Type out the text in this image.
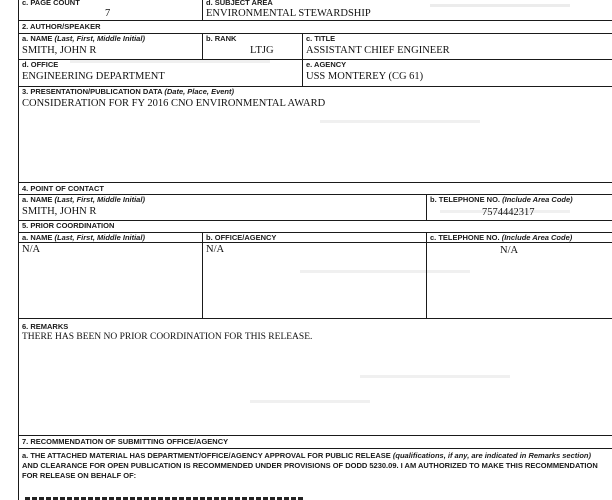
c. PAGE COUNT
7
d. SUBJECT AREA
ENVIRONMENTAL STEWARDSHIP
2. AUTHOR/SPEAKER
a. NAME (Last, First, Middle Initial)
SMITH, JOHN R
b. RANK
LTJG
c. TITLE
ASSISTANT CHIEF ENGINEER
d. OFFICE
ENGINEERING DEPARTMENT
e. AGENCY
USS MONTEREY (CG 61)
3. PRESENTATION/PUBLICATION DATA (Date, Place, Event)
CONSIDERATION FOR FY 2016 CNO ENVIRONMENTAL AWARD
4. POINT OF CONTACT
a. NAME (Last, First, Middle Initial)
SMITH, JOHN R
b. TELEPHONE NO. (Include Area Code)
7574442317
5. PRIOR COORDINATION
a. NAME (Last, First, Middle Initial)
N/A
b. OFFICE/AGENCY
N/A
c. TELEPHONE NO. (Include Area Code)
N/A
6. REMARKS
THERE HAS BEEN NO PRIOR COORDINATION FOR THIS RELEASE.
7. RECOMMENDATION OF SUBMITTING OFFICE/AGENCY
a. THE ATTACHED MATERIAL HAS DEPARTMENT/OFFICE/AGENCY APPROVAL FOR PUBLIC RELEASE (qualifications, if any, are indicated in Remarks section) AND CLEARANCE FOR OPEN PUBLICATION IS RECOMMENDED UNDER PROVISIONS OF DODD 5230.09. I AM AUTHORIZED TO MAKE THIS RECOMMENDATION FOR RELEASE ON BEHALF OF:
